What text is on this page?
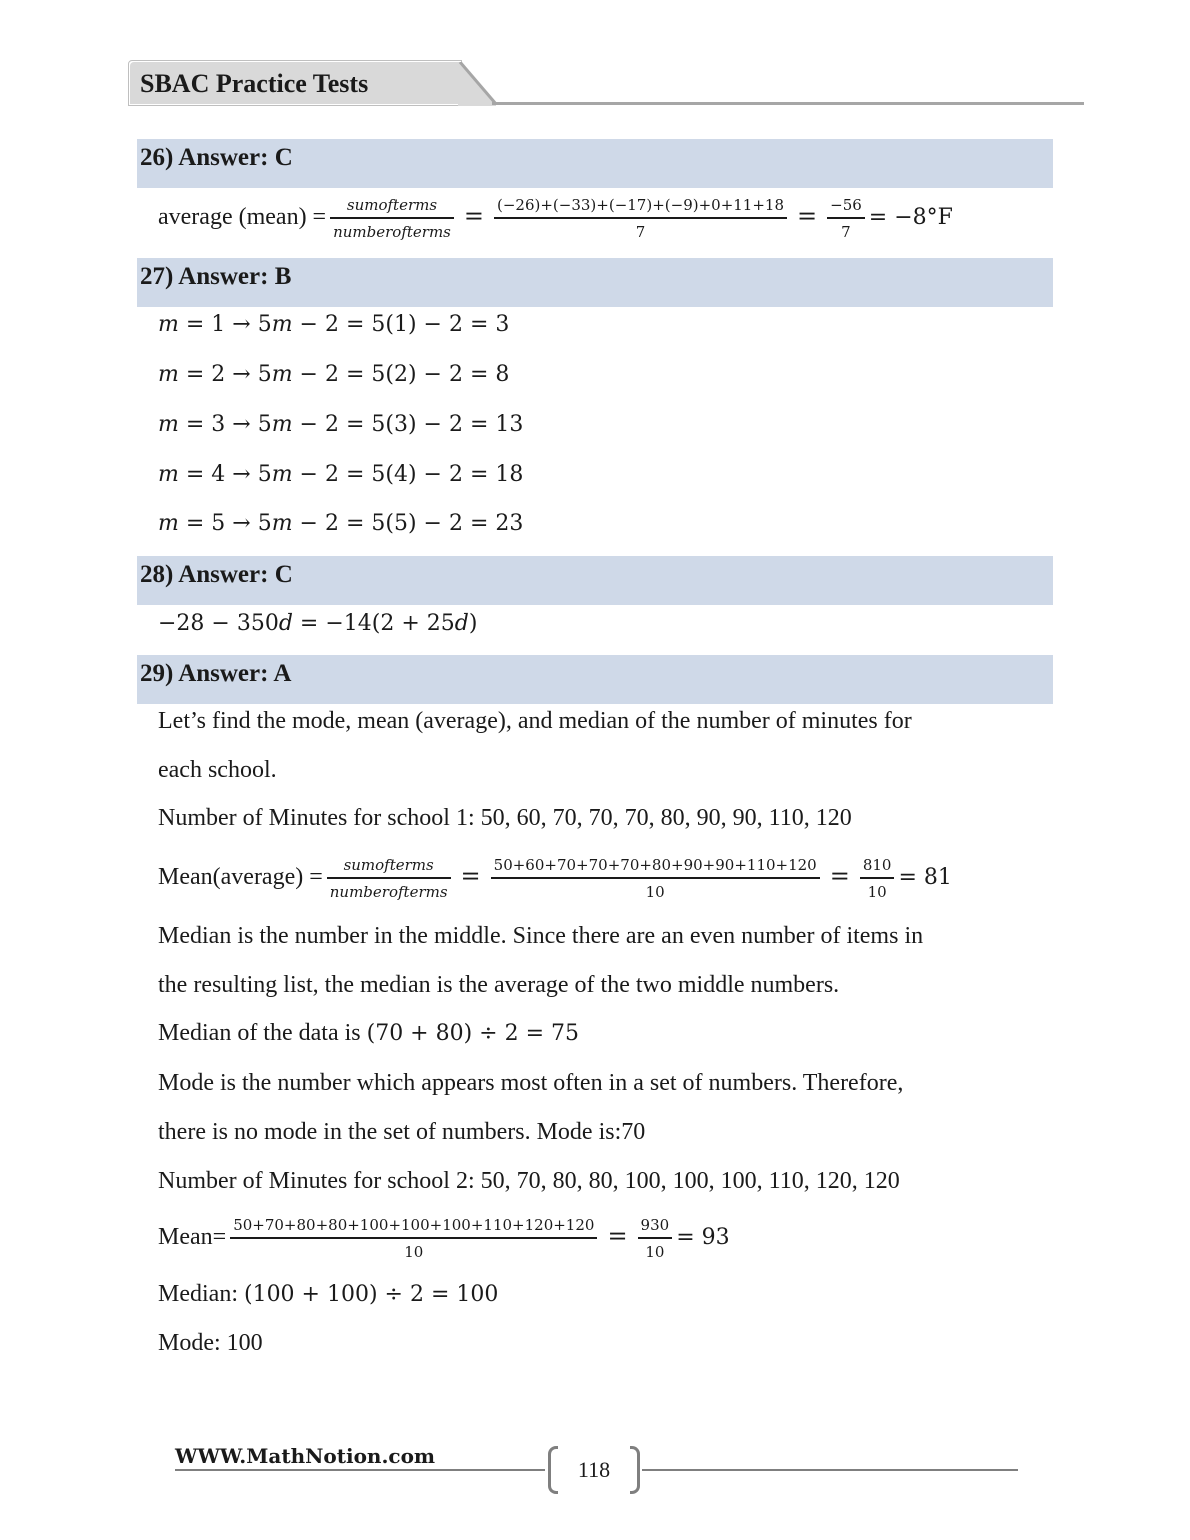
SBAC Practice Tests
26) Answer: C
average (mean) = $\frac{\text{sumofterms}}{\text{numberofterms}} = \frac{(-26)+(-33)+(-17)+(-9)+0+11+18}{7} = \frac{-56}{7} = -8^\circ F$
27) Answer: B
𝑚 = 1 → 5𝑚 − 2 = 5(1) − 2 = 3
𝑚 = 2 → 5𝑚 − 2 = 5(2) − 2 = 8
𝑚 = 3 → 5𝑚 − 2 = 5(3) − 2 = 13
𝑚 = 4 → 5𝑚 − 2 = 5(4) − 2 = 18
𝑚 = 5 → 5𝑚 − 2 = 5(5) − 2 = 23
28) Answer: C
−28 − 350𝑑 = −14(2 + 25𝑑)
29) Answer: A
Let’s find the mode, mean (average), and median of the number of minutes for
each school.
Number of Minutes for school 1: 50, 60, 70, 70, 70, 80, 90, 90, 110, 120
Mean(average) = $\frac{\text{sumofterms}}{\text{numberofterms}} = \frac{50+60+70+70+70+80+90+90+110+120}{10} = \frac{810}{10} = 81$
Median is the number in the middle. Since there are an even number of items in
the resulting list, the median is the average of the two middle numbers.
Median of the data is (70 + 80) ÷ 2 = 75
Mode is the number which appears most often in a set of numbers. Therefore,
there is no mode in the set of numbers. Mode is:70
Number of Minutes for school 2: 50, 70, 80, 80, 100, 100, 100, 110, 120, 120
Mean= $\frac{50+70+80+80+100+100+100+110+120+120}{10} = \frac{930}{10} = 93$
Median: (100 + 100) ÷ 2 = 100
Mode: 100
WWW.MathNotion.com
118
